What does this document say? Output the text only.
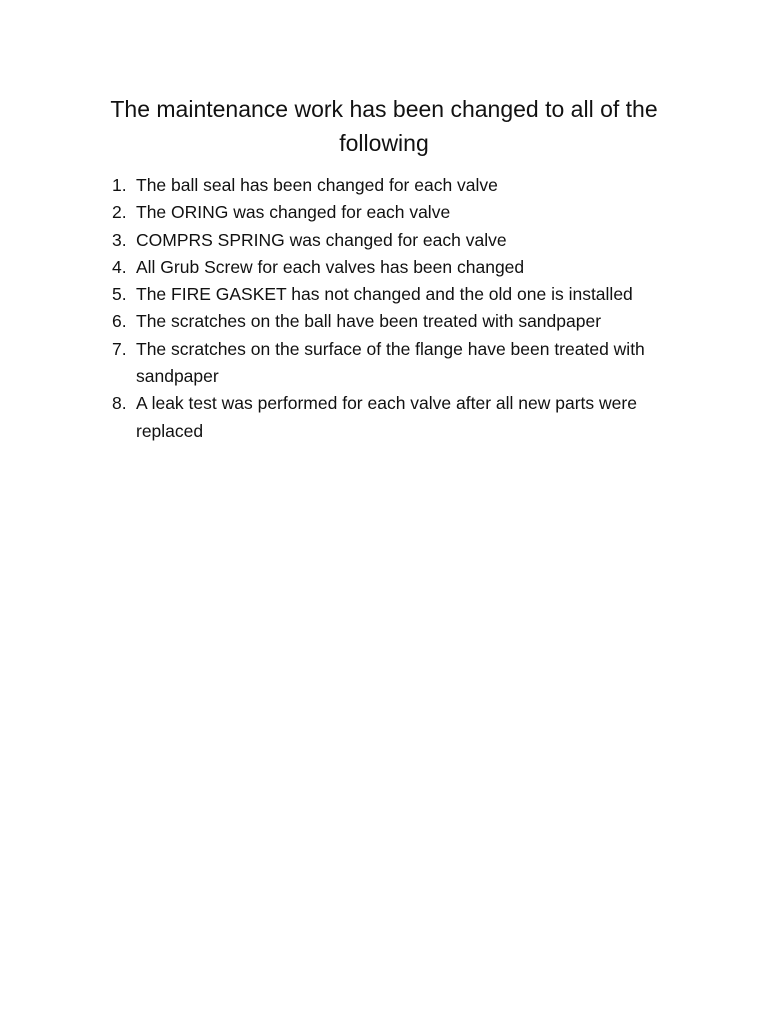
The maintenance work has been changed to all of the following
1. The ball seal has been changed for each valve
2. The ORING was changed for each valve
3. COMPRS SPRING was changed for each valve
4. All Grub Screw for each valves has been changed
5. The FIRE GASKET has not changed and the old one is installed
6. The scratches on the ball have been treated with sandpaper
7. The scratches on the surface of the flange have been treated with sandpaper
8. A leak test was performed for each valve after all new parts were replaced
